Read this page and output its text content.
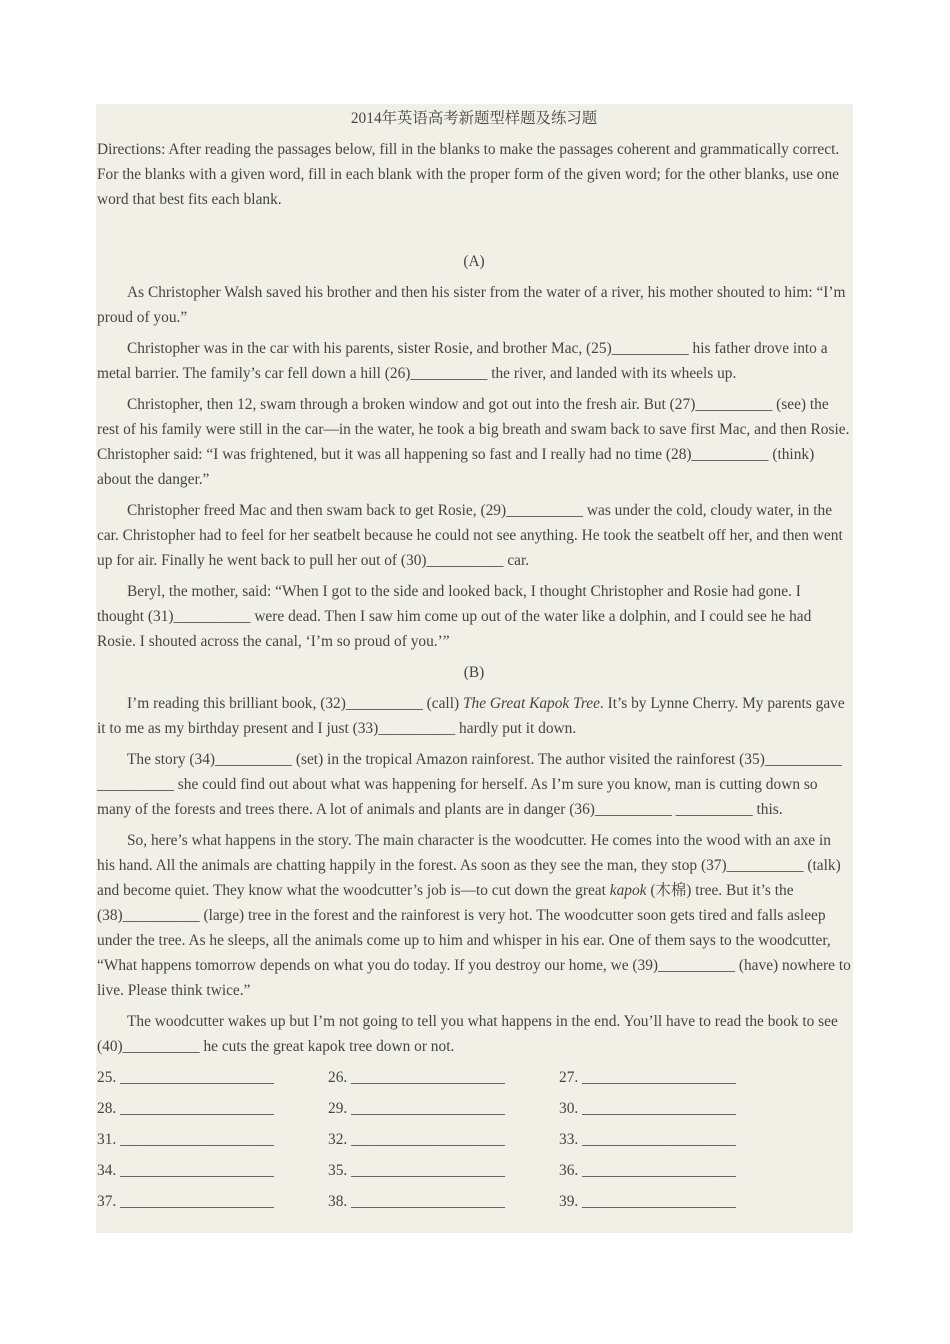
2014年英语高考新题型样题及练习题
Directions: After reading the passages below, fill in the blanks to make the passages coherent and grammatically correct. For the blanks with a given word, fill in each blank with the proper form of the given word; for the other blanks, use one word that best fits each blank.
(A)

As Christopher Walsh saved his brother and then his sister from the water of a river, his mother shouted to him: “I’m proud of you.”

Christopher was in the car with his parents, sister Rosie, and brother Mac, (25)__________ his father drove into a metal barrier. The family’s car fell down a hill (26)__________ the river, and landed with its wheels up.

Christopher, then 12, swam through a broken window and got out into the fresh air. But (27)__________ (see) the rest of his family were still in the car—in the water, he took a big breath and swam back to save first Mac, and then Rosie. Christopher said: “I was frightened, but it was all happening so fast and I really had no time (28)__________ (think) about the danger.”

Christopher freed Mac and then swam back to get Rosie, (29)__________ was under the cold, cloudy water, in the car. Christopher had to feel for her seatbelt because he could not see anything. He took the seatbelt off her, and then went up for air. Finally he went back to pull her out of (30)__________ car.

Beryl, the mother, said: “When I got to the side and looked back, I thought Christopher and Rosie had gone. I thought (31)__________ were dead. Then I saw him come up out of the water like a dolphin, and I could see he had Rosie. I shouted across the canal, ‘I’m so proud of you.’”

(B)

I’m reading this brilliant book, (32)__________ (call) The Great Kapok Tree. It’s by Lynne Cherry. My parents gave it to me as my birthday present and I just (33)__________ hardly put it down.

The story (34)__________ (set) in the tropical Amazon rainforest. The author visited the rainforest (35)__________ __________ she could find out about what was happening for herself. As I’m sure you know, man is cutting down so many of the forests and trees there. A lot of animals and plants are in danger (36)__________ __________ this.

So, here’s what happens in the story. The main character is the woodcutter. He comes into the wood with an axe in his hand. All the animals are chatting happily in the forest. As soon as they see the man, they stop (37)__________ (talk) and become quiet. They know what the woodcutter’s job is—to cut down the great kapok (木棉) tree. But it’s the (38)__________ (large) tree in the forest and the rainforest is very hot. The woodcutter soon gets tired and falls asleep under the tree. As he sleeps, all the animals come up to him and whisper in his ear. One of them says to the woodcutter, “What happens tomorrow depends on what you do today. If you destroy our home, we (39)__________ (have) nowhere to live. Please think twice.”

The woodcutter wakes up but I’m not going to tell you what happens in the end. You’ll have to read the book to see (40)__________ he cuts the great kapok tree down or not.

25. ____________________	26. ____________________	27. ____________________
28. ____________________	29. ____________________	30. ____________________
31. ____________________	32. ____________________	33. ____________________
34. ____________________	35. ____________________	36. ____________________
37. ____________________	38. ____________________	39. ____________________
